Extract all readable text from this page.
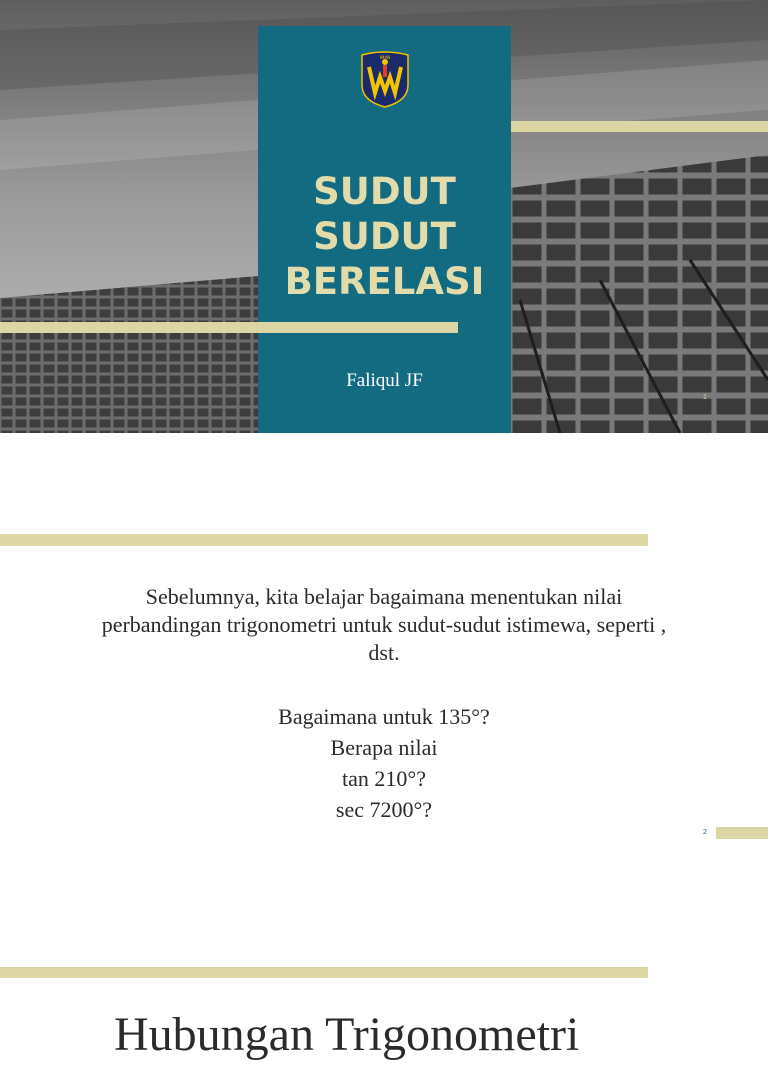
IMAN
SUDUT
SUDUT
BERELASI
Faliqul JF
1
Sebelumnya, kita belajar bagaimana menentukan nilai perbandingan trigonometri untuk sudut-sudut istimewa, seperti , dst.
Bagaimana untuk 135°?
Berapa nilai
tan 210°?
sec 7200°?
2
Hubungan Trigonometri
